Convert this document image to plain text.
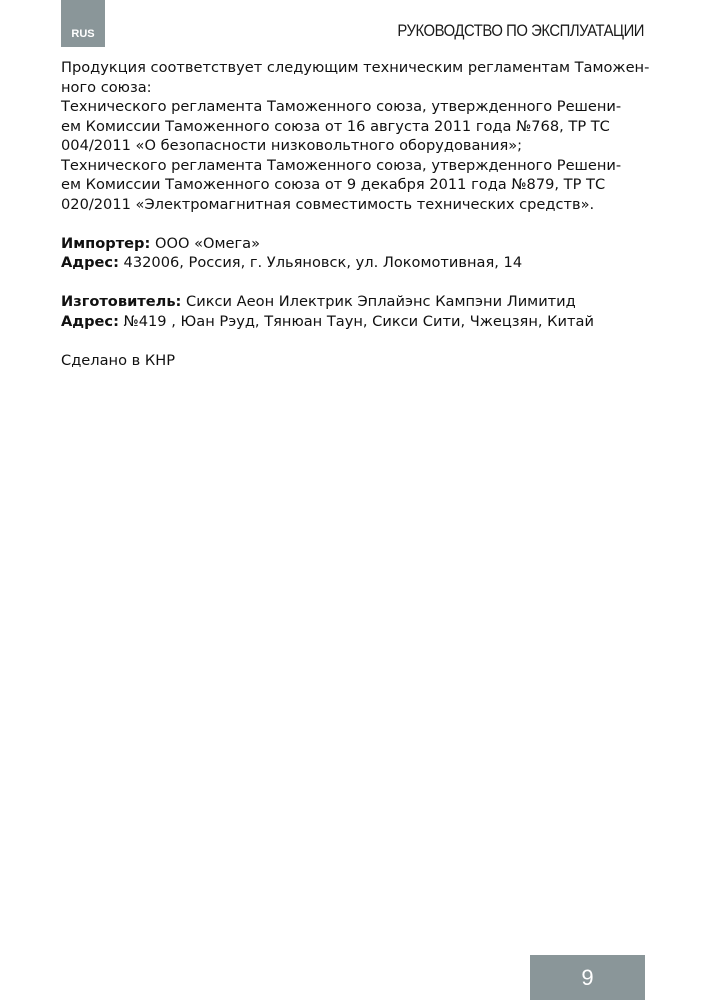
RUS	РУКОВОДСТВО ПО ЭКСПЛУАТАЦИИ

Продукция соответствует следующим техническим регламентам Таможен-
ного союза:
Технического регламента Таможенного союза, утвержденного Решени-
ем Комиссии Таможенного союза от 16 августа 2011 года №768, ТР ТС
004/2011 «О безопасности низковольтного оборудования»;
Технического регламента Таможенного союза, утвержденного Решени-
ем Комиссии Таможенного союза от 9 декабря 2011 года №879, ТР ТС
020/2011 «Электромагнитная совместимость технических средств».

Импортер: ООО «Омега»
Адрес: 432006, Россия, г. Ульяновск, ул. Локомотивная, 14

Изготовитель: Сикси Аеон Илектрик Эплайэнс Кампэни Лимитид
Адрес: №419 , Юан Рэуд, Тянюан Таун, Сикси Сити, Чжецзян, Китай

Сделано в КНР

9
